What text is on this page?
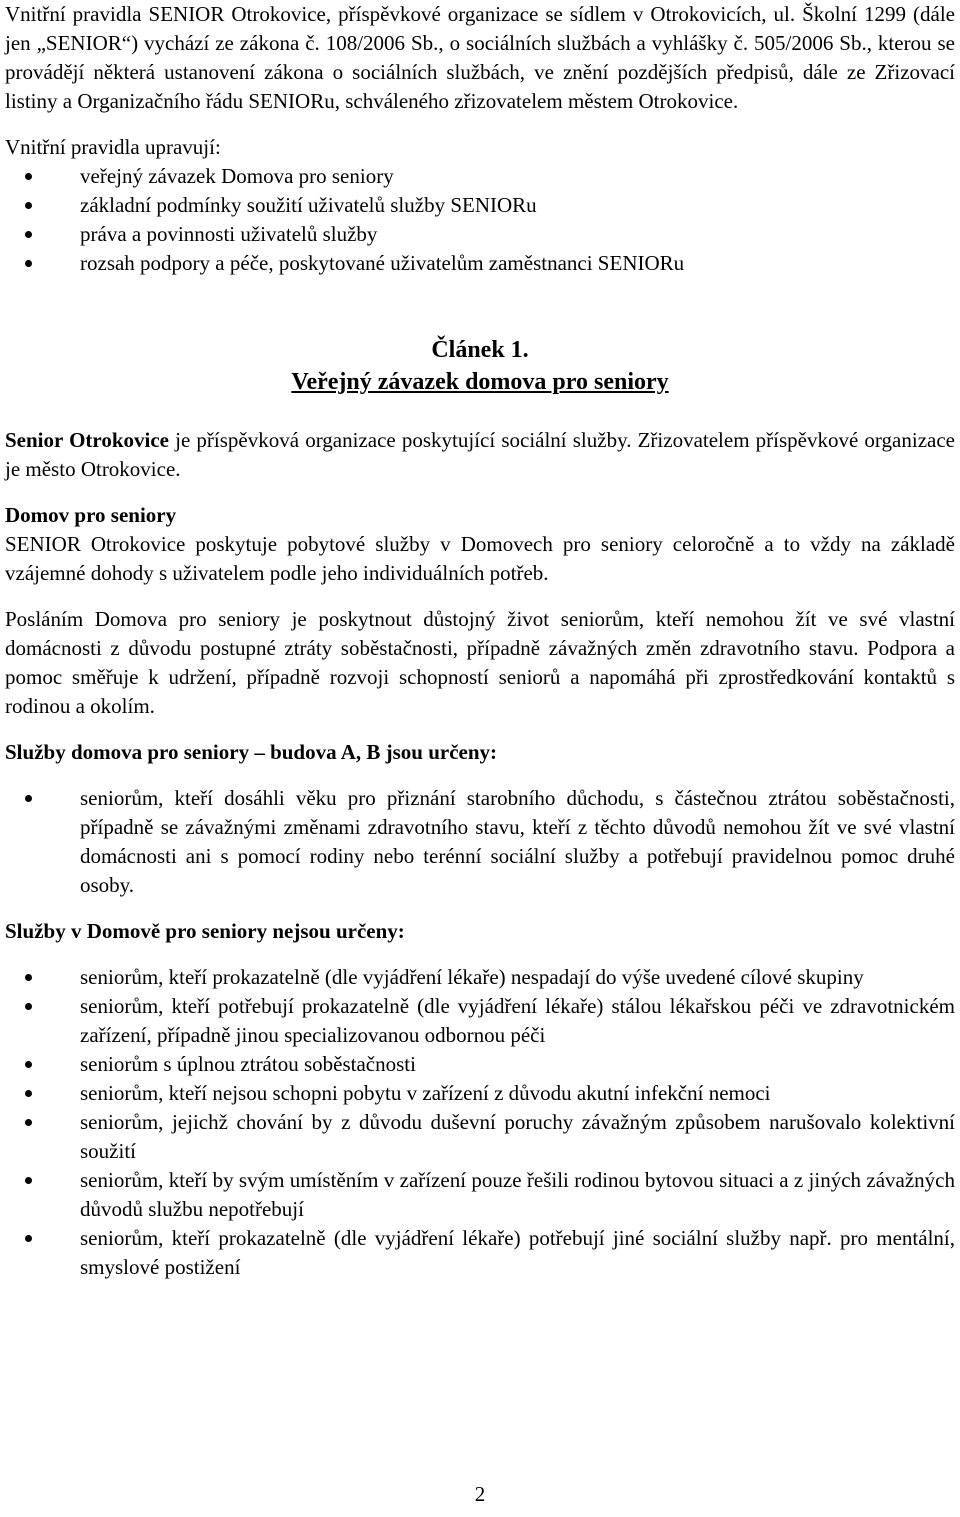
Vnitřní pravidla SENIOR Otrokovice, příspěvkové organizace se sídlem v Otrokovicích, ul. Školní 1299 (dále jen „SENIOR“) vychází ze zákona č. 108/2006 Sb., o sociálních službách a vyhlášky č. 505/2006 Sb., kterou se provádějí některá ustanovení zákona o sociálních službách, ve znění pozdějších předpisů, dále ze Zřizovací listiny a Organizačního řádu SENIORu, schváleného zřizovatelem městem Otrokovice.

Vnitřní pravidla upravují:

veřejný závazek Domova pro seniory
základní podmínky soužití uživatelů služby SENIORu
práva a povinnosti uživatelů služby
rozsah podpory a péče, poskytované uživatelům zaměstnanci SENIORu
Článek 1.
Veřejný závazek domova pro seniory

Senior Otrokovice je příspěvková organizace poskytující sociální služby. Zřizovatelem příspěvkové organizace je město Otrokovice.

Domov pro seniory

SENIOR Otrokovice poskytuje pobytové služby v Domovech pro seniory celoročně a to vždy na základě vzájemné dohody s uživatelem podle jeho individuálních potřeb.

Posláním Domova pro seniory je poskytnout důstojný život seniorům, kteří nemohou žít ve své vlastní domácnosti z důvodu postupné ztráty soběstačnosti, případně závažných změn zdravotního stavu. Podpora a pomoc směřuje k udržení, případně rozvoji schopností seniorů a napomáhá při zprostředkování kontaktů s rodinou a okolím.

Služby domova pro seniory – budova A, B jsou určeny:

seniorům, kteří dosáhli věku pro přiznání starobního důchodu, s částečnou ztrátou soběstačnosti, případně se závažnými změnami zdravotního stavu, kteří z těchto důvodů nemohou žít ve své vlastní domácnosti ani s pomocí rodiny nebo terénní sociální služby a potřebují pravidelnou pomoc druhé osoby.

Služby v Domově pro seniory nejsou určeny:

seniorům, kteří prokazatelně (dle vyjádření lékaře) nespadají do výše uvedené cílové skupiny
seniorům, kteří potřebují prokazatelně (dle vyjádření lékaře) stálou lékařskou péči ve zdravotnickém zařízení, případně jinou specializovanou odbornou péči
seniorům s úplnou ztrátou soběstačnosti
seniorům, kteří nejsou schopni pobytu v zařízení z důvodu akutní infekční nemoci
seniorům, jejichž chování by z důvodu duševní poruchy závažným způsobem narušovalo kolektivní soužití
seniorům, kteří by svým umístěním v zařízení pouze řešili rodinou bytovou situaci a z jiných závažných důvodů službu nepotřebují
seniorům, kteří prokazatelně (dle vyjádření lékaře) potřebují jiné sociální služby např. pro mentální, smyslové postižení
2
